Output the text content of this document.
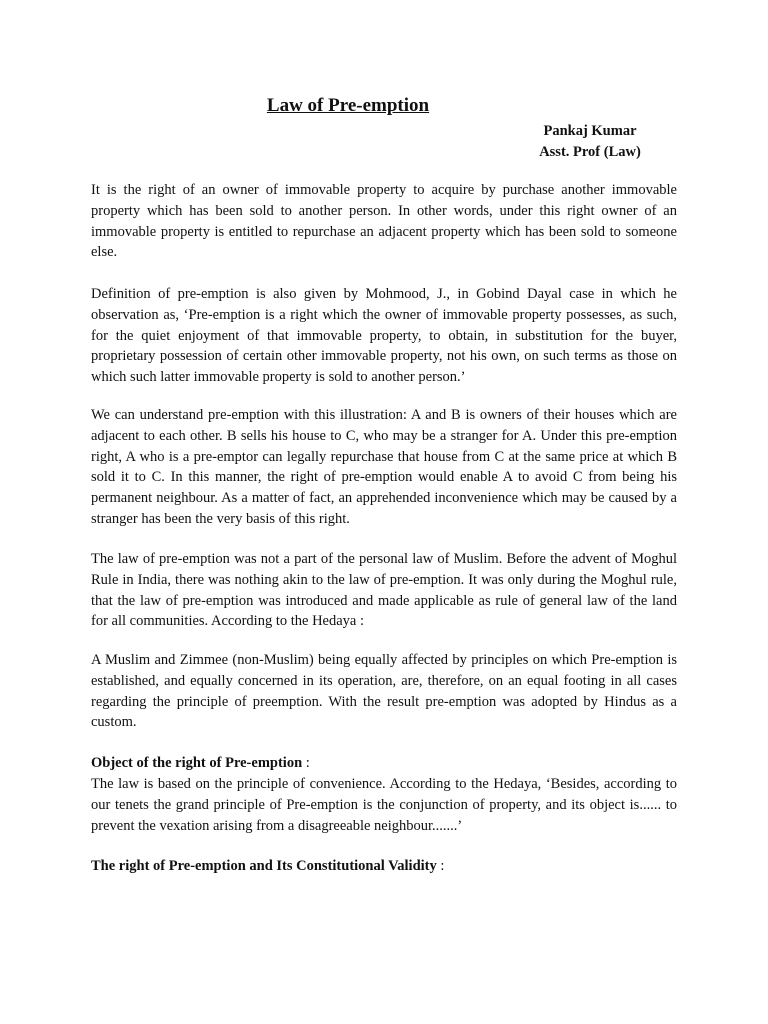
Law of Pre-emption
Pankaj Kumar
Asst. Prof (Law)

It is the right of an owner of immovable property to acquire by purchase another immovable property which has been sold to another person. In other words, under this right owner of an immovable property is entitled to repurchase an adjacent property which has been sold to someone else.

Definition of pre-emption is also given by Mohmood, J., in Gobind Dayal case in which he observation as, ‘Pre-emption is a right which the owner of immovable property possesses, as such, for the quiet enjoyment of that immovable property, to obtain, in substitution for the buyer, proprietary possession of certain other immovable property, not his own, on such terms as those on which such latter immovable property is sold to another person.’

We can understand pre-emption with this illustration: A and B is owners of their houses which are adjacent to each other. B sells his house to C, who may be a stranger for A. Under this pre-emption right, A who is a pre-emptor can legally repurchase that house from C at the same price at which B sold it to C. In this manner, the right of pre-emption would enable A to avoid C from being his permanent neighbour. As a matter of fact, an apprehended inconvenience which may be caused by a stranger has been the very basis of this right.

The law of pre-emption was not a part of the personal law of Muslim. Before the advent of Moghul Rule in India, there was nothing akin to the law of pre-emption. It was only during the Moghul rule, that the law of pre-emption was introduced and made applicable as rule of general law of the land for all communities. According to the Hedaya :

A Muslim and Zimmee (non-Muslim) being equally affected by principles on which Pre-emption is established, and equally concerned in its operation, are, therefore, on an equal footing in all cases regarding the principle of preemption. With the result pre-emption was adopted by Hindus as a custom.

Object of the right of Pre-emption :

The law is based on the principle of convenience. According to the Hedaya, ‘Besides, according to our tenets the grand principle of Pre-emption is the conjunction of property, and its object is...... to prevent the vexation arising from a disagreeable neighbour.......’

The right of Pre-emption and Its Constitutional Validity :
